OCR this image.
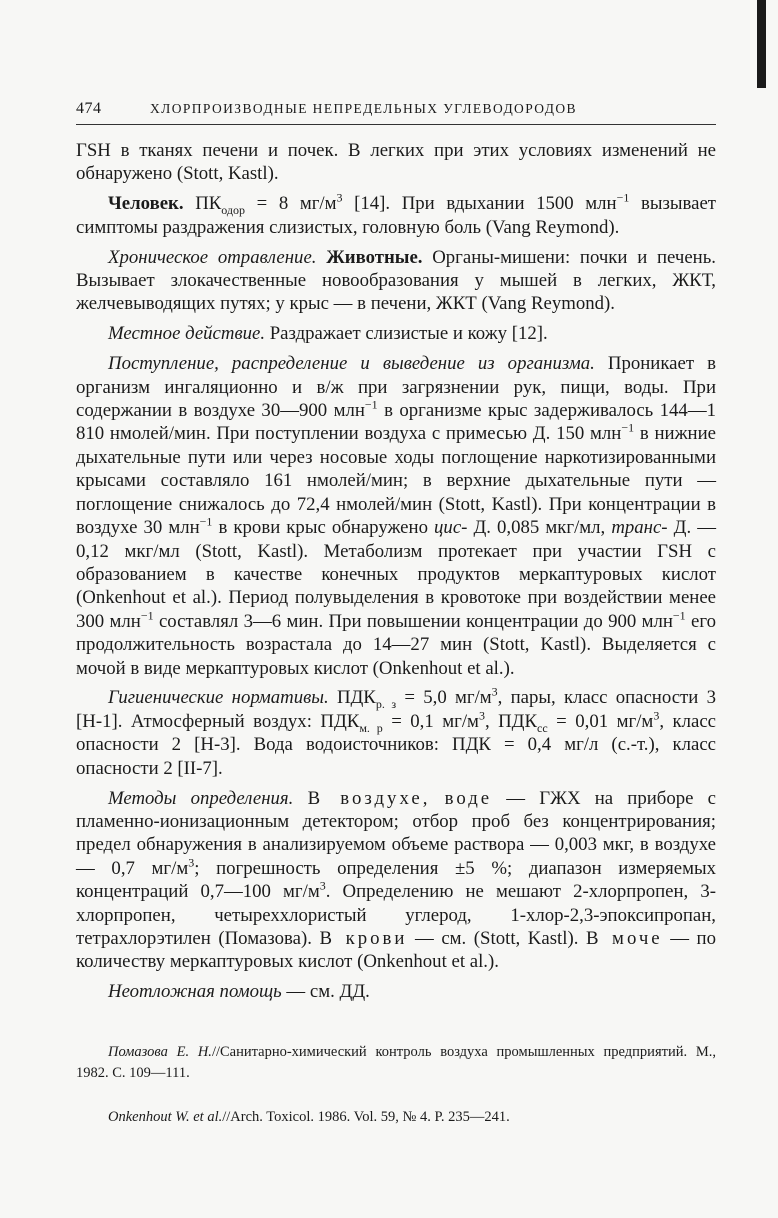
474	ХЛОРПРОИЗВОДНЫЕ НЕПРЕДЕЛЬНЫХ УГЛЕВОДОРОДОВ

ГSH в тканях печени и почек. В легких при этих условиях изменений не обнаружено (Stott, Kastl).

Человек. $ПК_{одор} = 8$ $мг/м^3$ [14]. При вдыхании 1500 млн$^{-1}$ вызывает симптомы раздражения слизистых, головную боль (Vang Reymond).

Хроническое отравление. Животные. Органы-мишени: почки и печень. Вызывает злокачественные новообразования у мышей в легких, ЖКТ, желчевыводящих путях; у крыс — в печени, ЖКТ (Vang Reymond).

Местное действие. Раздражает слизистые и кожу [12].

Поступление, распределение и выведение из организма. Проникает в организм ингаляционно и в/ж при загрязнении рук, пищи, воды. При содержании в воздухе 30—900 млн$^{-1}$ в организме крыс задерживалось 144—1 810 нмолей/мин. При поступлении воздуха с примесью Д. 150 млн$^{-1}$ в нижние дыхательные пути или через носовые ходы поглощение наркотизированными крысами составляло 161 нмолей/мин; в верхние дыхательные пути — поглощение снижалось до 72,4 нмолей/мин (Stott, Kastl). При концентрации в воздухе 30 млн$^{-1}$ в крови крыс обнаружено цис- Д. 0,085 мкг/мл, транс- Д. — 0,12 мкг/мл (Stott, Kastl). Метаболизм протекает при участии ГSH с образованием в качестве конечных продуктов меркаптуровых кислот (Onkenhout et al.). Период полувыделения в кровотоке при воздействии менее 300 млн$^{-1}$ составлял 3—6 мин. При повышении концентрации до 900 млн$^{-1}$ его продолжительность возрастала до 14—27 мин (Stott, Kastl). Выделяется с мочой в виде меркаптуровых кислот (Onkenhout et al.).

Гигиенические нормативы. $ПДК_{р. з} = 5,0$ $мг/м^3$, пары, класс опасности 3 [Н-1]. Атмосферный воздух: $ПДК_{м. р} = 0,1$ $мг/м^3$, $ПДК_{сс} = 0,01$ $мг/м^3$, класс опасности 2 [Н-3]. Вода водоисточников: ПДК = 0,4 мг/л (с.-т.), класс опасности 2 [II-7].

Методы определения. В воздухе, воде — ГЖХ на приборе с пламенно-ионизационным детектором; отбор проб без концентрирования; предел обнаружения в анализируемом объеме раствора — 0,003 мкг, в воздухе — 0,7 $мг/м^3$; погрешность определения ±5 %; диапазон измеряемых концентраций 0,7—100 $мг/м^3$. Определению не мешают 2-хлорпропен, 3-хлорпропен, четыреххлористый углерод, 1-хлор-2,3-эпоксипропан, тетрахлорэтилен (Помазова). В крови — см. (Stott, Kastl). В моче — по количеству меркаптуровых кислот (Onkenhout et al.).

Неотложная помощь — см. ДД.

Помазова Е. Н.//Санитарно-химический контроль воздуха промышленных предприятий. М., 1982. С. 109—111.

Onkenhout W. et al.//Arch. Toxicol. 1986. Vol. 59, № 4. P. 235—241.
